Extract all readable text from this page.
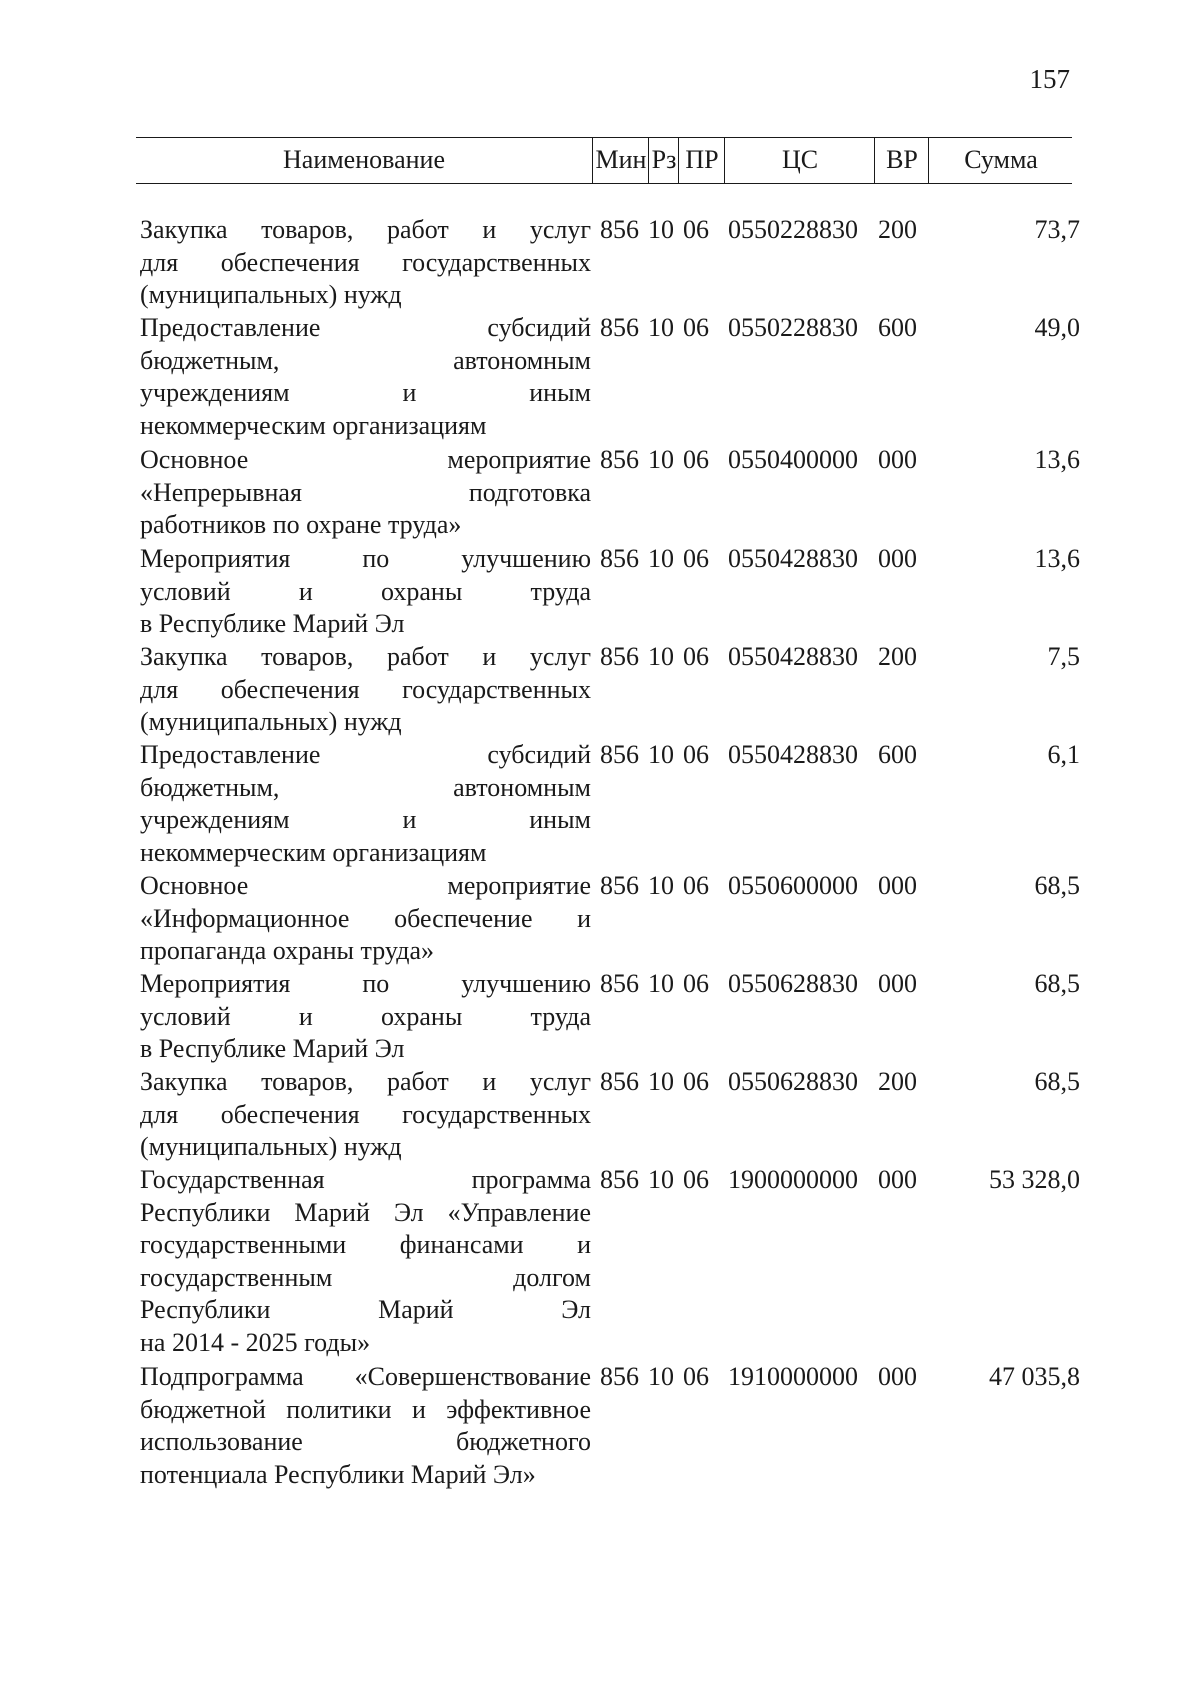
157
Наименование	Мин Рз ПР	ЦС	ВР	Сумма
Закупка товаров, работ и услуг
для обеспечения государственных
(муниципальных) нужд
856 10 06 0550228830 200	73,7
Предоставление субсидий
бюджетным, автономным
учреждениям и иным
некоммерческим организациям
856 10 06 0550228830 600	49,0
Основное мероприятие
«Непрерывная подготовка
работников по охране труда»
856 10 06 0550400000 000	13,6
Мероприятия по улучшению
условий и охраны труда
в Республике Марий Эл
856 10 06 0550428830 000	13,6
Закупка товаров, работ и услуг
для обеспечения государственных
(муниципальных) нужд
856 10 06 0550428830 200	7,5
Предоставление субсидий
бюджетным, автономным
учреждениям и иным
некоммерческим организациям
856 10 06 0550428830 600	6,1
Основное мероприятие
«Информационное обеспечение и
пропаганда охраны труда»
856 10 06 0550600000 000	68,5
Мероприятия по улучшению
условий и охраны труда
в Республике Марий Эл
856 10 06 0550628830 000	68,5
Закупка товаров, работ и услуг
для обеспечения государственных
(муниципальных) нужд
856 10 06 0550628830 200	68,5
Государственная программа
Республики Марий Эл «Управление
государственными финансами и
государственным долгом
Республики Марий Эл
на 2014 - 2025 годы»
856 10 06 1900000000 000	53 328,0
Подпрограмма «Совершенствование
бюджетной политики и эффективное
использование бюджетного
потенциала Республики Марий Эл»
856 10 06 1910000000 000	47 035,8
